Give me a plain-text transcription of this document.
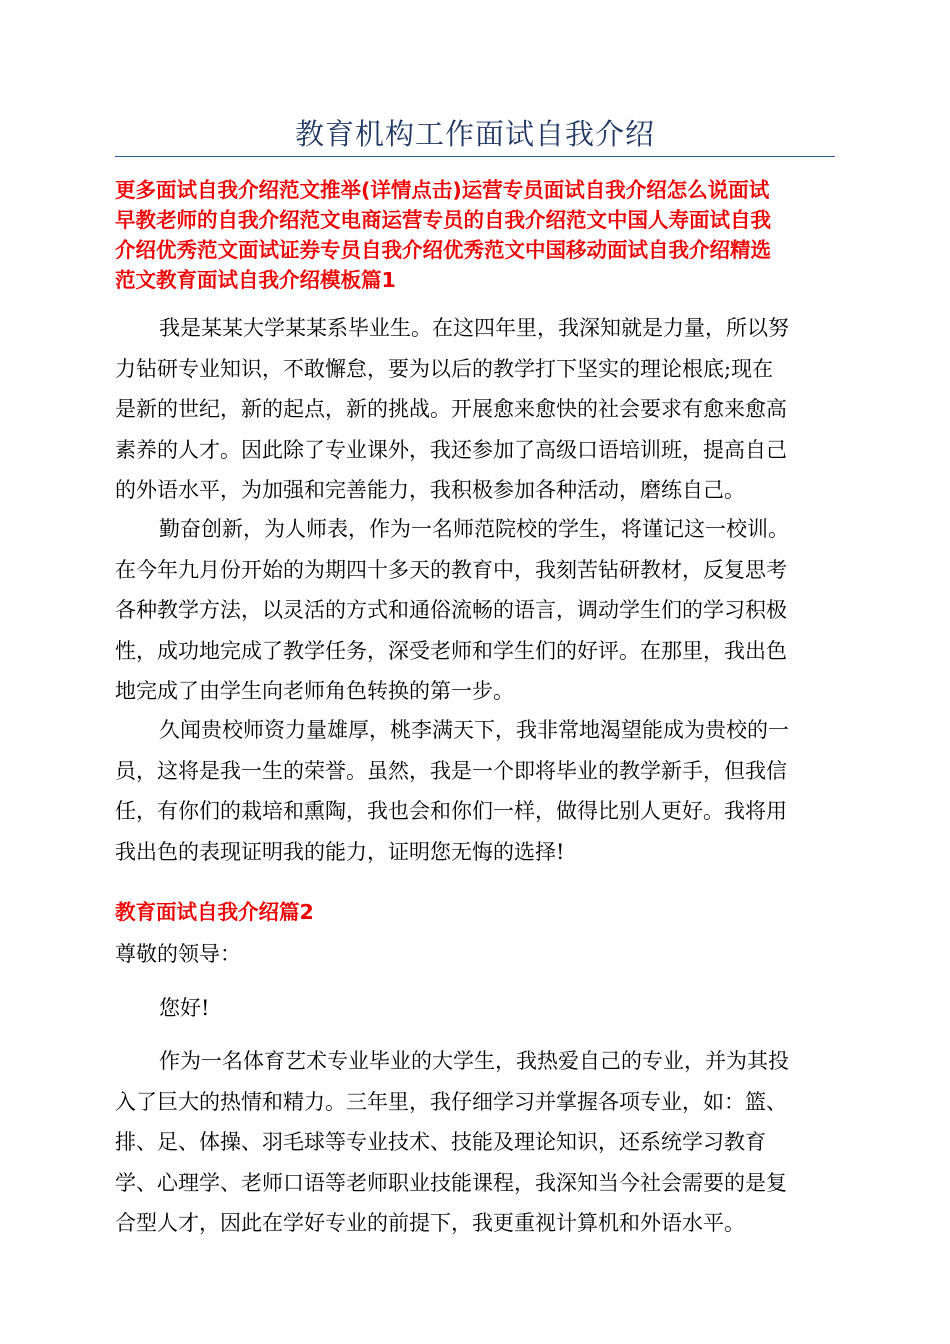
教育机构工作面试自我介绍
更多面试自我介绍范文推举(详情点击)运营专员面试自我介绍怎么说面试
早教老师的自我介绍范文电商运营专员的自我介绍范文中国人寿面试自我
介绍优秀范文面试证券专员自我介绍优秀范文中国移动面试自我介绍精选
范文教育面试自我介绍模板篇1
我是某某大学某某系毕业生。在这四年里，我深知就是力量，所以努
力钻研专业知识，不敢懈怠，要为以后的教学打下坚实的理论根底;现在
是新的世纪，新的起点，新的挑战。开展愈来愈快的社会要求有愈来愈高
素养的人才。因此除了专业课外，我还参加了高级口语培训班，提高自己
的外语水平，为加强和完善能力，我积极参加各种活动，磨练自己。
勤奋创新，为人师表，作为一名师范院校的学生，将谨记这一校训。
在今年九月份开始的为期四十多天的教育中，我刻苦钻研教材，反复思考
各种教学方法，以灵活的方式和通俗流畅的语言，调动学生们的学习积极
性，成功地完成了教学任务，深受老师和学生们的好评。在那里，我出色
地完成了由学生向老师角色转换的第一步。
久闻贵校师资力量雄厚，桃李满天下，我非常地渴望能成为贵校的一
员，这将是我一生的荣誉。虽然，我是一个即将毕业的教学新手，但我信
任，有你们的栽培和熏陶，我也会和你们一样，做得比别人更好。我将用
我出色的表现证明我的能力，证明您无悔的选择!
教育面试自我介绍篇2
尊敬的领导：
您好!
作为一名体育艺术专业毕业的大学生，我热爱自己的专业，并为其投
入了巨大的热情和精力。三年里，我仔细学习并掌握各项专业，如：篮、
排、足、体操、羽毛球等专业技术、技能及理论知识，还系统学习教育
学、心理学、老师口语等老师职业技能课程，我深知当今社会需要的是复
合型人才，因此在学好专业的前提下，我更重视计算机和外语水平。
